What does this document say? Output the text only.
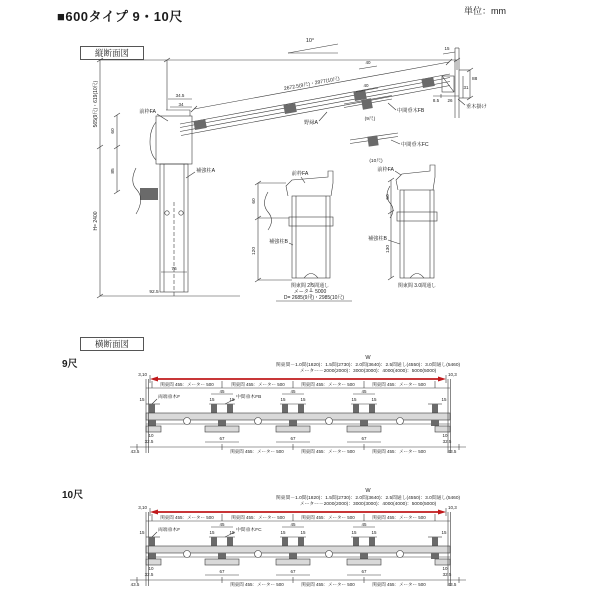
■600タイプ 9・10尺	単位：mm
縦断面図
横断面図
9尺
10尺
10°
2672.5(9尺)・2977(10尺)
40
565(9尺)・619(10尺)
H= 2400
60
85
34.5
34
前枠FA
補強柱A
76
92.5
野縁A
40
中間垂木FB
(9尺)
中間垂木FC
(10尺)
15
88
31
8.5 26
垂木掛け
前枠FA
60
120
補強柱B
関東間 2.5間通し
メーター 5000
D= 2685(9尺)・2985(10尺)
前枠FA
60
130
補強柱B
関東間 3.0間通し
W
関東間－1.0間(1820)：1.5間(2730)：2.0間(3640)：2.5間通し(4550)：3.0間通し(5460)
メーター－2000(2000)：3000(3000)：4000(4000)：5000(5000)
3,10	10,3
関東間 455：メーター 500	関東間 455：メーター 500	関東間 455：メーター 500	関東間 455：メーター 500
両端垂木F	中間垂木FB
45	45	45
15	15	15	15	15	15	15	15
67	67	67
10
32.5
10
32.5
43.5	関東間 455：メーター 500	関東間 455：メーター 500	関東間 455：メーター 500	43.5
W
関東間－1.0間(1820)：1.5間(2730)：2.0間(3640)：2.5間通し(4550)：3.0間通し(5460)
メーター－2000(2000)：3000(3000)：4000(4000)：5000(5000)
3,10	10,3
関東間 455：メーター 500	関東間 455：メーター 500	関東間 455：メーター 500	関東間 455：メーター 500
両端垂木F	中間垂木FC
45	45	45
15	15	15	15	15	15	15	15
67	67	67
10
32.5
10
32.5
43.5	関東間 455：メーター 500	関東間 455：メーター 500	関東間 455：メーター 500	43.5
